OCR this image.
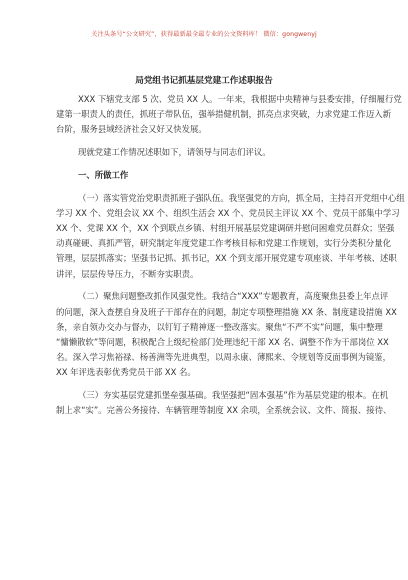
关注头条号“公文研究”，获得最新最全最专业的公文资料库！ 微信：gongwenyj
局党组书记抓基层党建工作述职报告
XXX 下辖党支部 5 次、党员 XX 人。一年来，我根据中央精神与县委安排，仔细履行党
建第一职责人的责任，抓班子带队伍，强举措健机制，抓亮点求突破，力求党建工作迈入新
台阶，服务县域经济社会又好又快发展。
现就党建工作情况述职如下，请领导与同志们评议。
一、所做工作
（一）落实管党治党职责抓班子强队伍。我坚强党的方向，抓全局，主持召开党组中心组
学习 XX 个、党组会议 XX 个、组织生活会 XX 个、党员民主评议 XX 个、党员干部集中学习
XX 个、党课 XX 个，XX 个到联点乡镇、村组开展基层党建调研并慰问困难党员群众；坚强
动真碰硬、真抓严管，研究制定年度党建工作考核目标和党建工作规划，实行分类积分量化
管理，层层抓落实；坚强书记抓、抓书记，XX 个到支部开展党建专项座谈、半年考核、述职
讲评，层层传导压力，不断夯实职责。
（二）聚焦问题整改抓作风强党性。我结合“XXX”专题教育，高度聚焦县委上年点评
的问题，深入查摆自身及班子干部存在的问题，制定专项整理措施 XX 条、制度建设措施 XX
条，亲自领办交办与督办，以钉钉子精神逐一整改落实。聚焦“不严不实”问题，集中整理
“慵懒散软”等问题，积极配合上级纪检部门处理违纪干部 XX 名、调整不作为干部岗位 XX
名。深入学习焦裕禄、杨善洲等先进典型，以周永康、薄熙来、令规划等反面事例为镜鉴，
XX 年评选表彰优秀党员干部 XX 名。
（三）夯实基层党建抓堡垒强基础。我坚强把“固本强基”作为基层党建的根本。在机
制上求“实”。完善公务接待、车辆管理等制度 XX 余项，全系统会议、文件、简报、接待、
